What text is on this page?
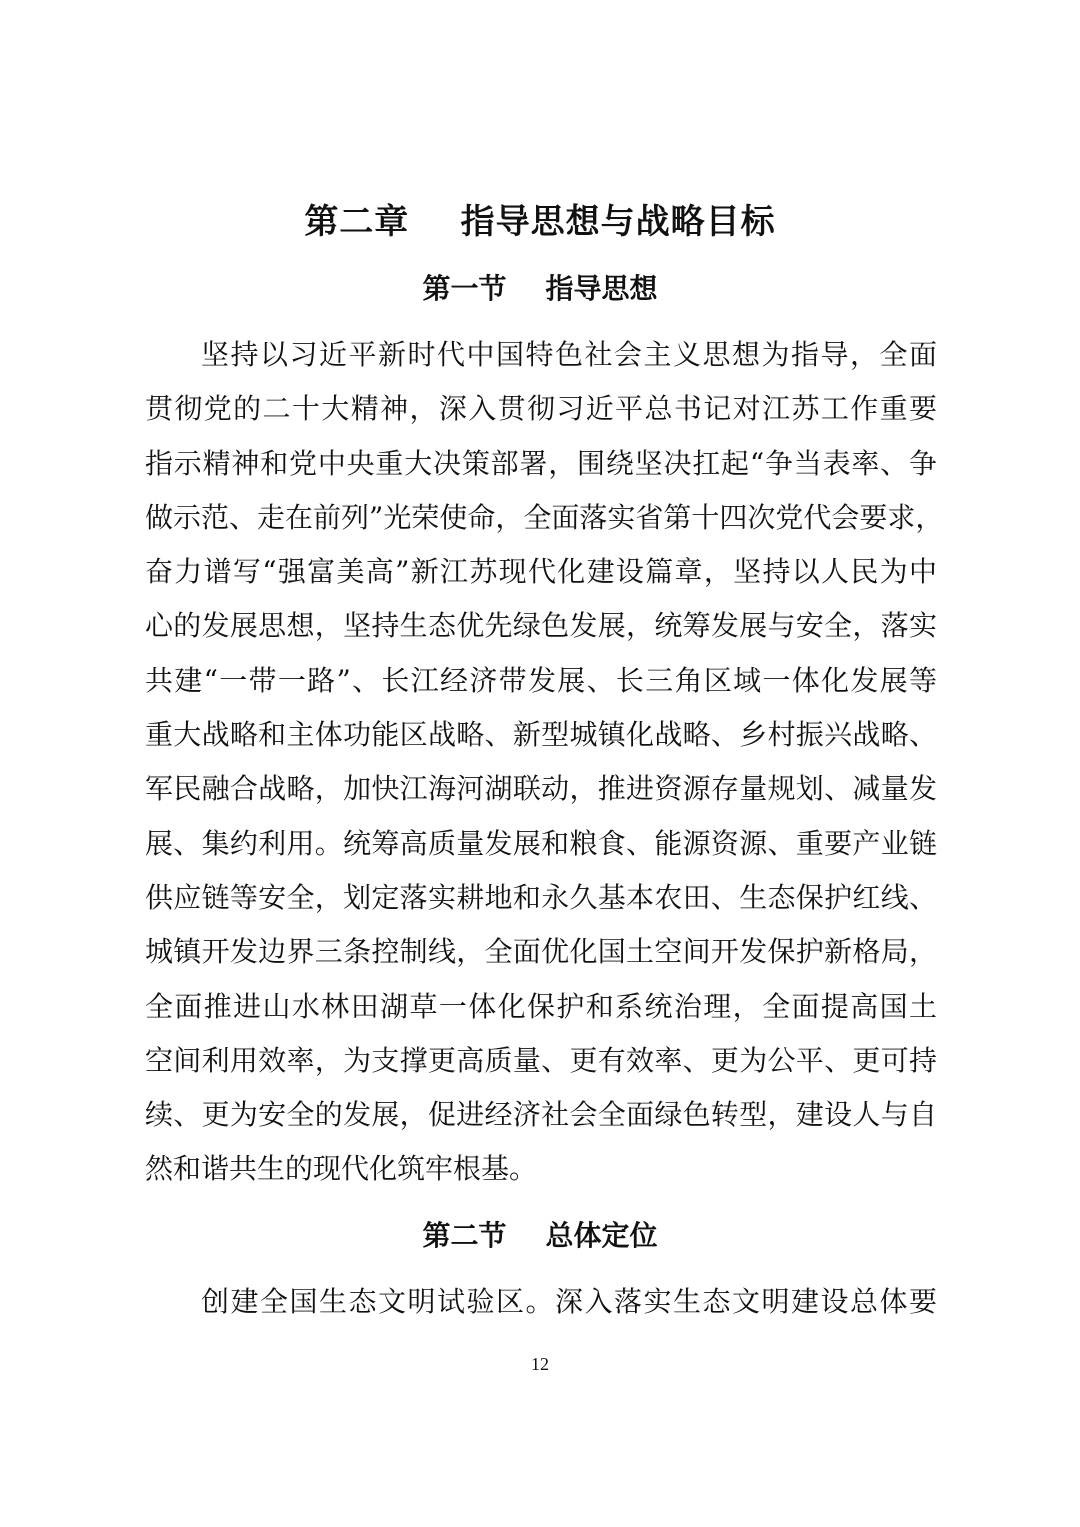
第二章    指导思想与战略目标
第一节    指导思想
坚持以习近平新时代中国特色社会主义思想为指导，全面
贯彻党的二十大精神，深入贯彻习近平总书记对江苏工作重要
指示精神和党中央重大决策部署，围绕坚决扛起“争当表率、争
做示范、走在前列”光荣使命，全面落实省第十四次党代会要求，
奋力谱写“强富美高”新江苏现代化建设篇章，坚持以人民为中
心的发展思想，坚持生态优先绿色发展，统筹发展与安全，落实
共建“一带一路”、长江经济带发展、长三角区域一体化发展等
重大战略和主体功能区战略、新型城镇化战略、乡村振兴战略、
军民融合战略，加快江海河湖联动，推进资源存量规划、减量发
展、集约利用。统筹高质量发展和粮食、能源资源、重要产业链
供应链等安全，划定落实耕地和永久基本农田、生态保护红线、
城镇开发边界三条控制线，全面优化国土空间开发保护新格局，
全面推进山水林田湖草一体化保护和系统治理，全面提高国土
空间利用效率，为支撑更高质量、更有效率、更为公平、更可持
续、更为安全的发展，促进经济社会全面绿色转型，建设人与自
然和谐共生的现代化筑牢根基。
第二节    总体定位
创建全国生态文明试验区。深入落实生态文明建设总体要
12
